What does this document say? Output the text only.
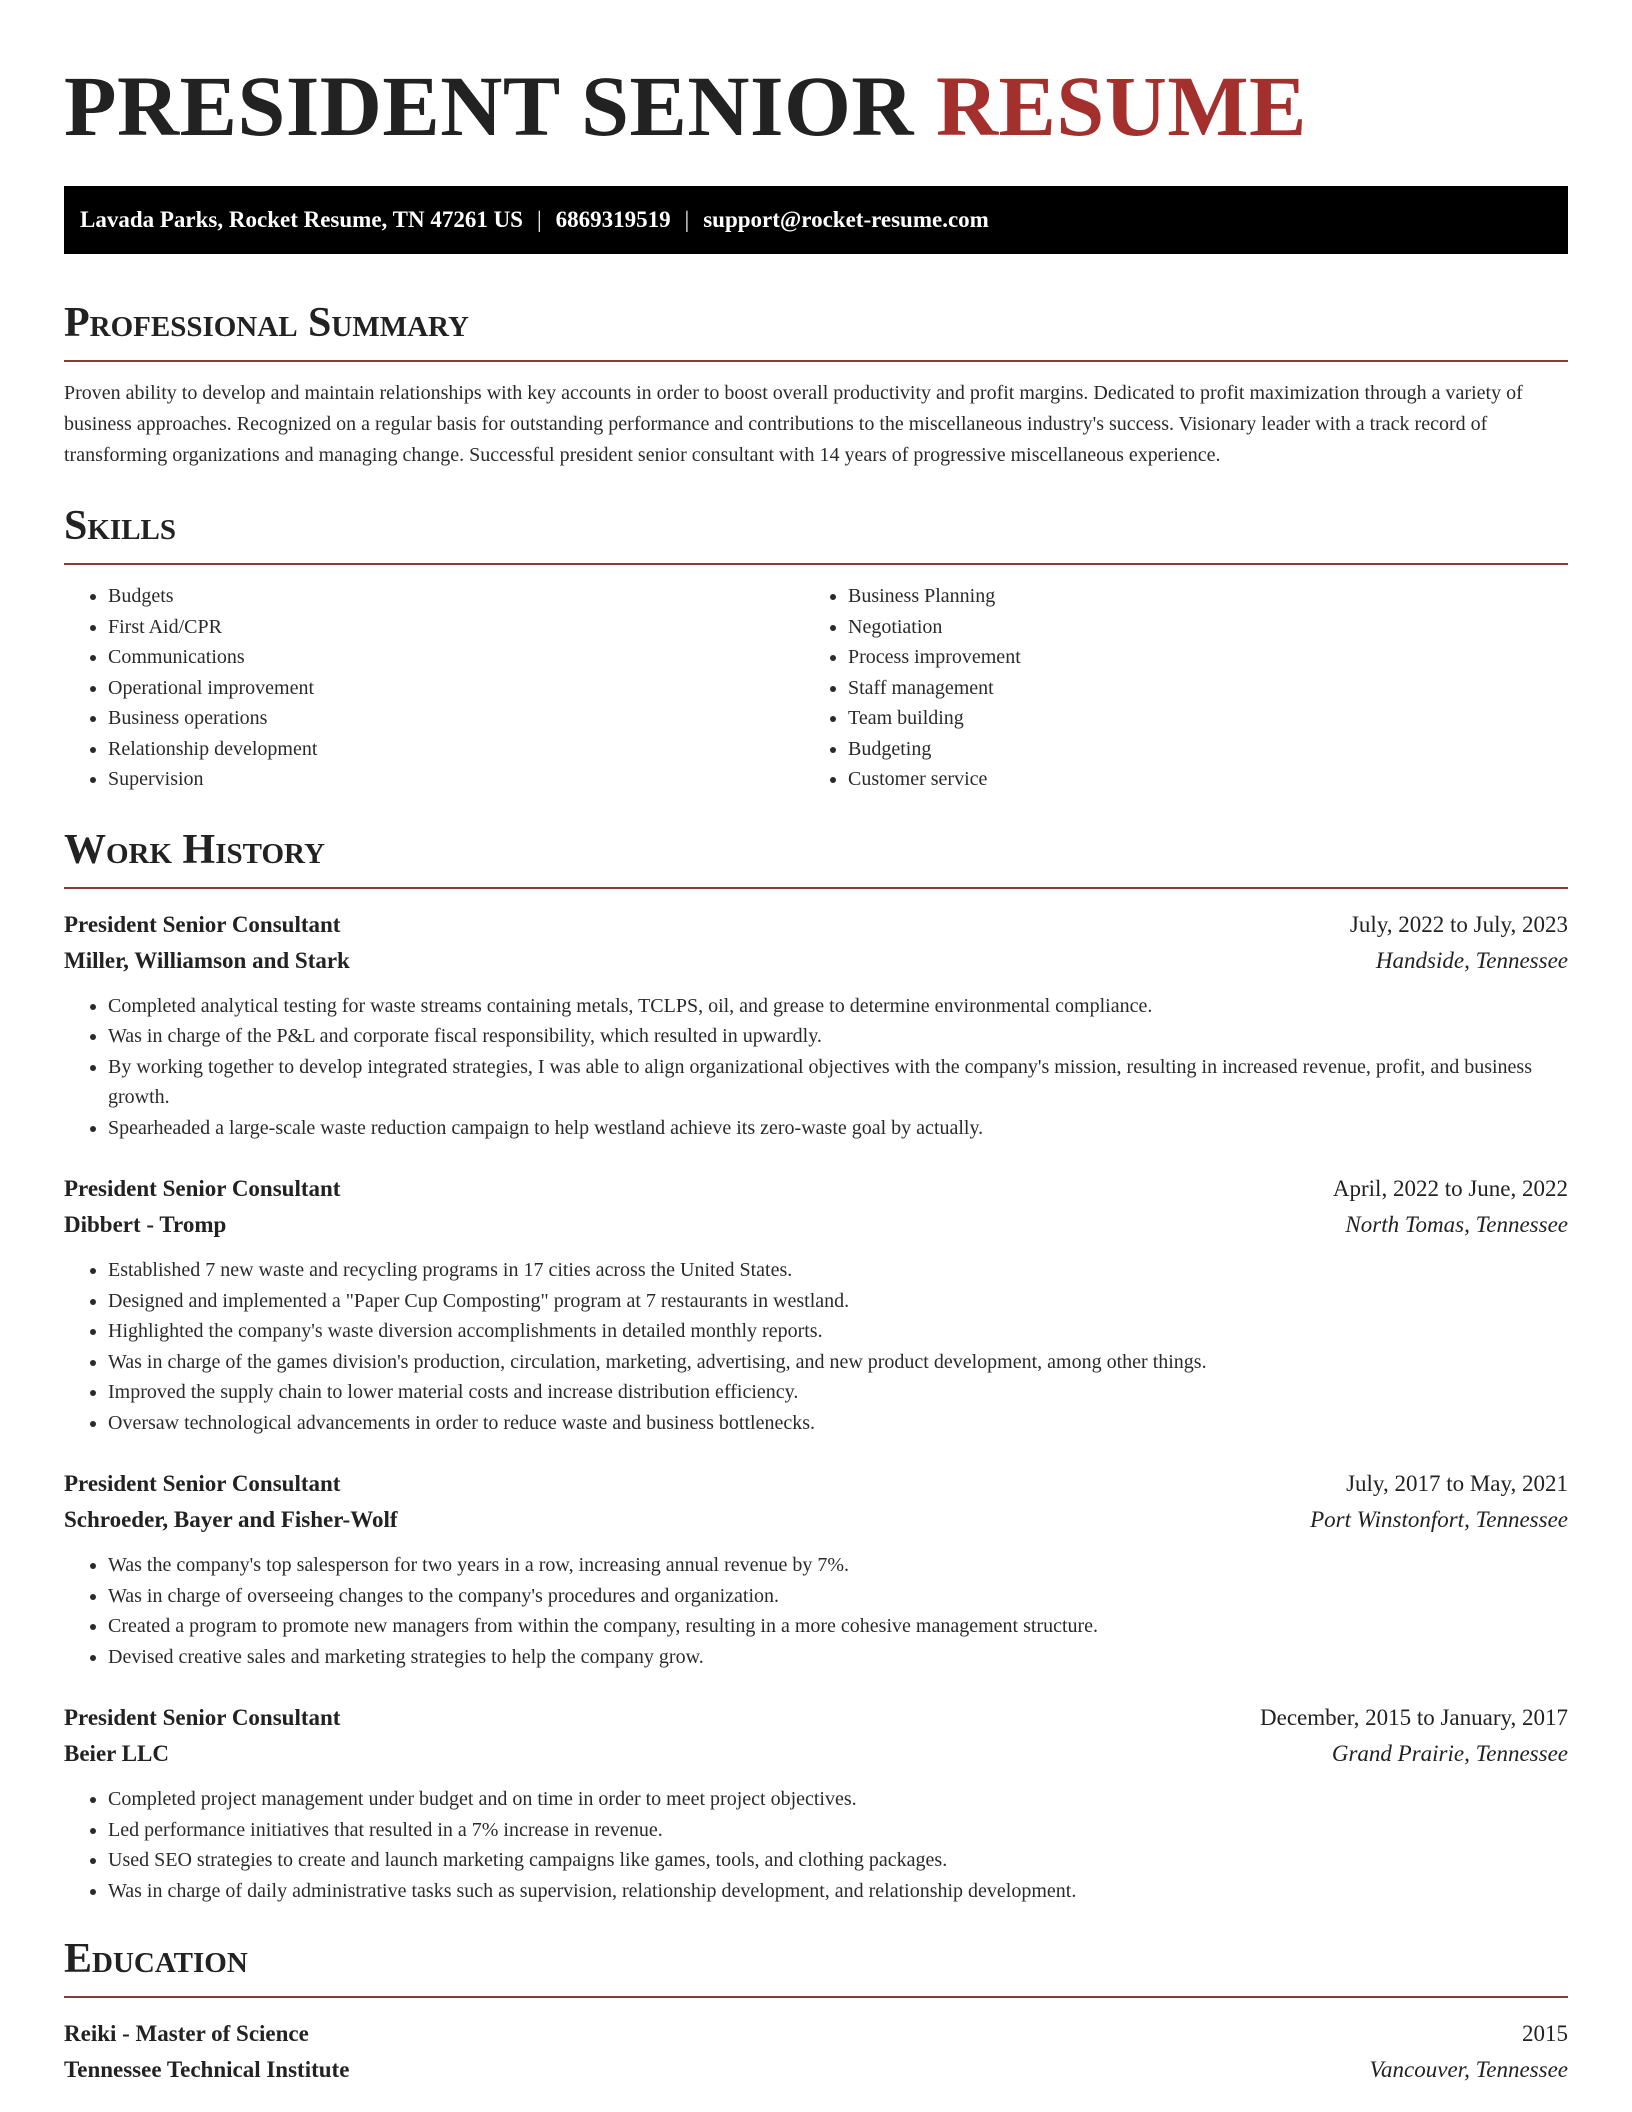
PRESIDENT SENIOR RESUME
Lavada Parks, Rocket Resume, TN 47261 US | 6869319519 | support@rocket-resume.com
Professional Summary

Proven ability to develop and maintain relationships with key accounts in order to boost overall productivity and profit margins. Dedicated to profit maximization through a variety of business approaches. Recognized on a regular basis for outstanding performance and contributions to the miscellaneous industry's success. Visionary leader with a track record of transforming organizations and managing change. Successful president senior consultant with 14 years of progressive miscellaneous experience.

Skills
• Budgets
• First Aid/CPR
• Communications
• Operational improvement
• Business operations
• Relationship development
• Supervision
• Business Planning
• Negotiation
• Process improvement
• Staff management
• Team building
• Budgeting
• Customer service
Work History
President Senior Consultant	July, 2022 to July, 2023
Miller, Williamson and Stark	Handside, Tennessee
• Completed analytical testing for waste streams containing metals, TCLPS, oil, and grease to determine environmental compliance.
• Was in charge of the P&L and corporate fiscal responsibility, which resulted in upwardly.
• By working together to develop integrated strategies, I was able to align organizational objectives with the company's mission, resulting in increased revenue, profit, and business growth.
• Spearheaded a large-scale waste reduction campaign to help westland achieve its zero-waste goal by actually.
President Senior Consultant	April, 2022 to June, 2022
Dibbert - Tromp	North Tomas, Tennessee
• Established 7 new waste and recycling programs in 17 cities across the United States.
• Designed and implemented a "Paper Cup Composting" program at 7 restaurants in westland.
• Highlighted the company's waste diversion accomplishments in detailed monthly reports.
• Was in charge of the games division's production, circulation, marketing, advertising, and new product development, among other things.
• Improved the supply chain to lower material costs and increase distribution efficiency.
• Oversaw technological advancements in order to reduce waste and business bottlenecks.
President Senior Consultant	July, 2017 to May, 2021
Schroeder, Bayer and Fisher-Wolf	Port Winstonfort, Tennessee
• Was the company's top salesperson for two years in a row, increasing annual revenue by 7%.
• Was in charge of overseeing changes to the company's procedures and organization.
• Created a program to promote new managers from within the company, resulting in a more cohesive management structure.
• Devised creative sales and marketing strategies to help the company grow.
President Senior Consultant	December, 2015 to January, 2017
Beier LLC	Grand Prairie, Tennessee
• Completed project management under budget and on time in order to meet project objectives.
• Led performance initiatives that resulted in a 7% increase in revenue.
• Used SEO strategies to create and launch marketing campaigns like games, tools, and clothing packages.
• Was in charge of daily administrative tasks such as supervision, relationship development, and relationship development.
Education
Reiki - Master of Science	2015
Tennessee Technical Institute	Vancouver, Tennessee
